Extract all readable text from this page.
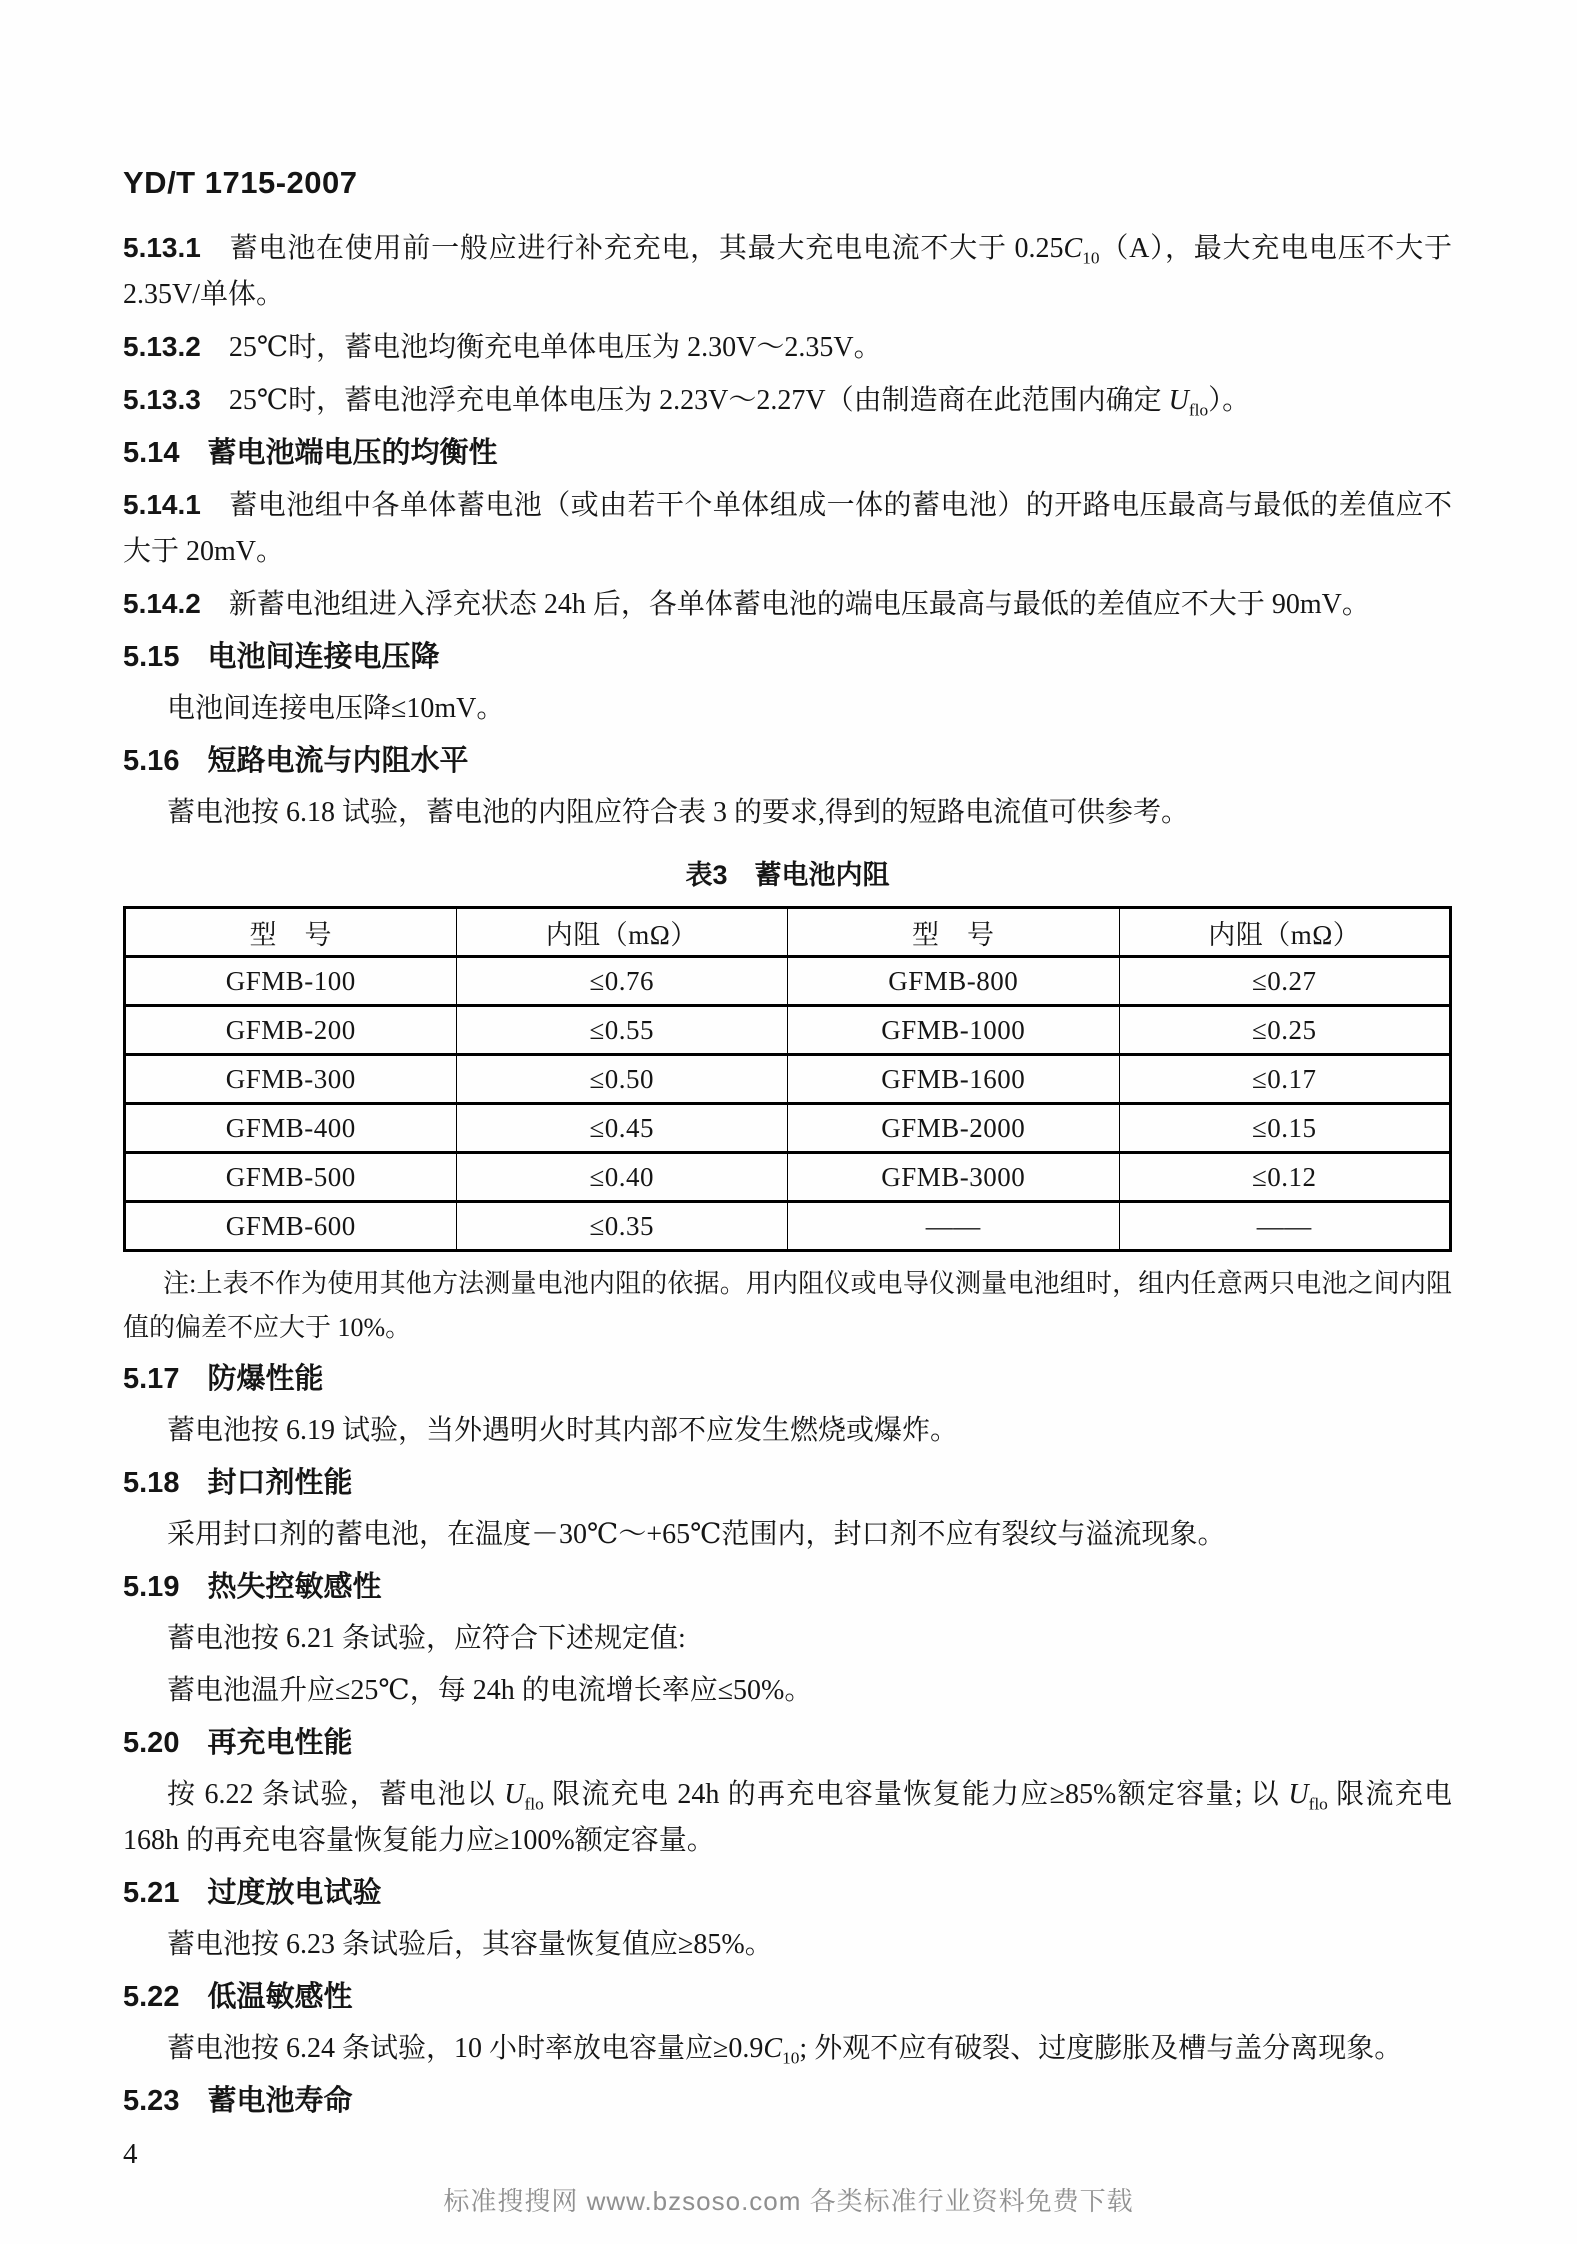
YD/T 1715-2007

5.13.1 蓄电池在使用前一般应进行补充充电，其最大充电电流不大于 $0.25C_{10}(A)$，最大充电电压不大于 2.35V/单体。

5.13.2 25℃时，蓄电池均衡充电单体电压为 2.30V～2.35V。

5.13.3 25℃时，蓄电池浮充电单体电压为 2.23V～2.27V（由制造商在此范围内确定 $U_{flo}$）。

5.14 蓄电池端电压的均衡性

5.14.1 蓄电池组中各单体蓄电池（或由若干个单体组成一体的蓄电池）的开路电压最高与最低的差值应不大于 20mV。

5.14.2 新蓄电池组进入浮充状态 24h 后，各单体蓄电池的端电压最高与最低的差值应不大于 90mV。

5.15 电池间连接电压降

电池间连接电压降≤10mV。

5.16 短路电流与内阻水平

蓄电池按 6.18 试验，蓄电池的内阻应符合表 3 的要求,得到的短路电流值可供参考。

表3　蓄电池内阻

型　号	内阻（mΩ）	型　号	内阻（mΩ）
GFMB-100	≤0.76	GFMB-800	≤0.27
GFMB-200	≤0.55	GFMB-1000	≤0.25
GFMB-300	≤0.50	GFMB-1600	≤0.17
GFMB-400	≤0.45	GFMB-2000	≤0.15
GFMB-500	≤0.40	GFMB-3000	≤0.12
GFMB-600	≤0.35	——	——

注:上表不作为使用其他方法测量电池内阻的依据。用内阻仪或电导仪测量电池组时，组内任意两只电池之间内阻值的偏差不应大于 10%。

5.17 防爆性能

蓄电池按 6.19 试验，当外遇明火时其内部不应发生燃烧或爆炸。

5.18 封口剂性能

采用封口剂的蓄电池，在温度－30℃～+65℃范围内，封口剂不应有裂纹与溢流现象。

5.19 热失控敏感性

蓄电池按 6.21 条试验，应符合下述规定值:

蓄电池温升应≤25℃，每 24h 的电流增长率应≤50%。

5.20 再充电性能

按 6.22 条试验，蓄电池以 $U_{flo}$ 限流充电 24h 的再充电容量恢复能力应≥85%额定容量; 以 $U_{flo}$ 限流充电 168h 的再充电容量恢复能力应≥100%额定容量。

5.21 过度放电试验

蓄电池按 6.23 条试验后，其容量恢复值应≥85%。

5.22 低温敏感性

蓄电池按 6.24 条试验，10 小时率放电容量应$\ge 0.9C_{10}$; 外观不应有破裂、过度膨胀及槽与盖分离现象。

5.23 蓄电池寿命

4
标准搜搜网 www.bzsoso.com 各类标准行业资料免费下载
